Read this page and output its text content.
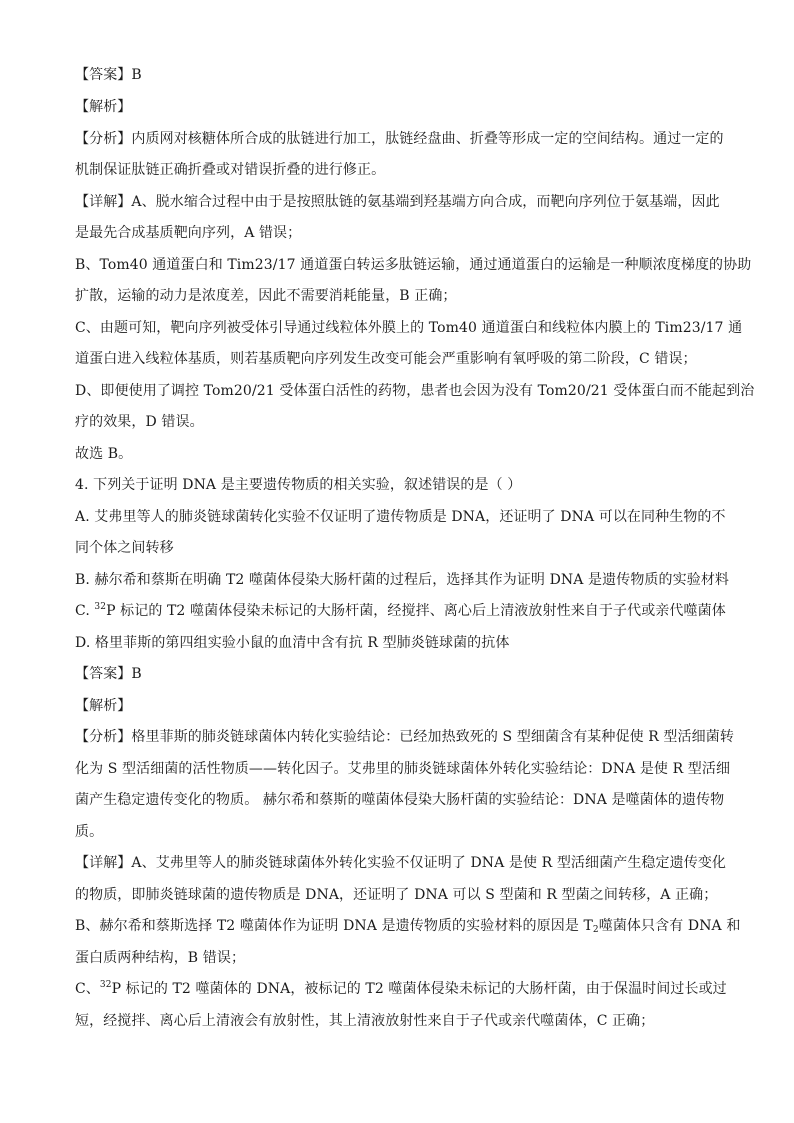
【答案】B
【解析】
【分析】内质网对核糖体所合成的肽链进行加工，肽链经盘曲、折叠等形成一定的空间结构。通过一定的
机制保证肽链正确折叠或对错误折叠的进行修正。
【详解】A、脱水缩合过程中由于是按照肽链的氨基端到羟基端方向合成，而靶向序列位于氨基端，因此
是最先合成基质靶向序列，A 错误；
B、Tom40 通道蛋白和 Tim23/17 通道蛋白转运多肽链运输，通过通道蛋白的运输是一种顺浓度梯度的协助
扩散，运输的动力是浓度差，因此不需要消耗能量，B 正确；
C、由题可知，靶向序列被受体引导通过线粒体外膜上的 Tom40 通道蛋白和线粒体内膜上的 Tim23/17 通
道蛋白进入线粒体基质，则若基质靶向序列发生改变可能会严重影响有氧呼吸的第二阶段，C 错误；
D、即便使用了调控 Tom20/21 受体蛋白活性的药物，患者也会因为没有 Tom20/21 受体蛋白而不能起到治
疗的效果，D 错误。
故选 B。
4. 下列关于证明 DNA 是主要遗传物质的相关实验，叙述错误的是（ ）
A. 艾弗里等人的肺炎链球菌转化实验不仅证明了遗传物质是 DNA，还证明了 DNA 可以在同种生物的不
同个体之间转移
B. 赫尔希和蔡斯在明确 T2 噬菌体侵染大肠杆菌的过程后，选择其作为证明 DNA 是遗传物质的实验材料
C. $^{32}$P 标记的 T2 噬菌体侵染未标记的大肠杆菌，经搅拌、离心后上清液放射性来自于子代或亲代噬菌体
D. 格里菲斯的第四组实验小鼠的血清中含有抗 R 型肺炎链球菌的抗体
【答案】B
【解析】
【分析】格里菲斯的肺炎链球菌体内转化实验结论：已经加热致死的 S 型细菌含有某种促使 R 型活细菌转
化为 S 型活细菌的活性物质——转化因子。艾弗里的肺炎链球菌体外转化实验结论：DNA 是使 R 型活细
菌产生稳定遗传变化的物质。 赫尔希和蔡斯的噬菌体侵染大肠杆菌的实验结论：DNA 是噬菌体的遗传物
质。
【详解】A、艾弗里等人的肺炎链球菌体外转化实验不仅证明了 DNA 是使 R 型活细菌产生稳定遗传变化
的物质，即肺炎链球菌的遗传物质是 DNA，还证明了 DNA 可以 S 型菌和 R 型菌之间转移，A 正确；
B、赫尔希和蔡斯选择 T2 噬菌体作为证明 DNA 是遗传物质的实验材料的原因是 $T_2$噬菌体只含有 DNA 和
蛋白质两种结构，B 错误；
C、$^{32}$P 标记的 T2 噬菌体的 DNA，被标记的 T2 噬菌体侵染未标记的大肠杆菌，由于保温时间过长或过
短，经搅拌、离心后上清液会有放射性，其上清液放射性来自于子代或亲代噬菌体，C 正确；
